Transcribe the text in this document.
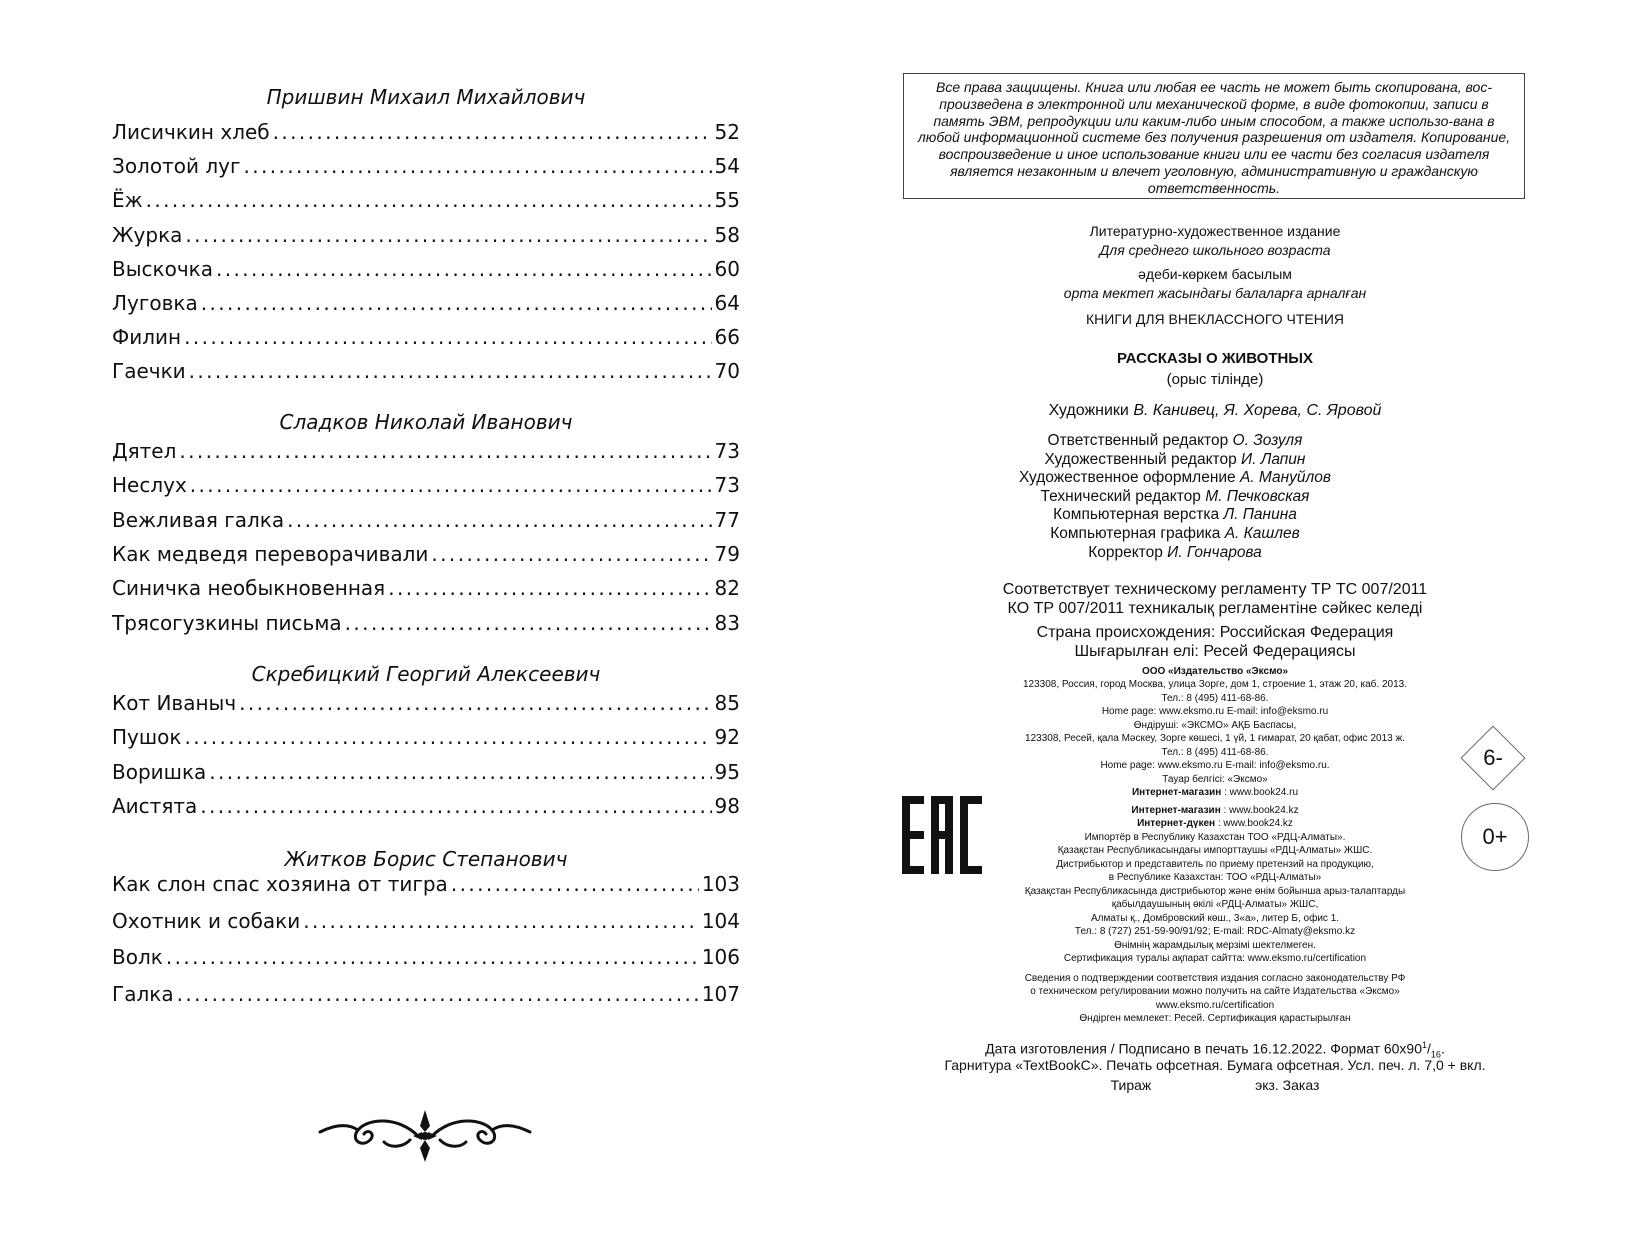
Пришвин Михаил Михайлович
Лисичкин хлеб .....	52
Золотой луг .....	54
Ёж .....	55
Журка .....	58
Выскочка .....	60
Луговка .....	64
Филин .....	66
Гаечки .....	70
Сладков Николай Иванович
Дятел .....	73
Неслух .....	73
Вежливая галка .....	77
Как медведя переворачивали .....	79
Синичка необыкновенная .....	82
Трясогузкины письма .....	83
Скребицкий Георгий Алексеевич
Кот Иваныч .....	85
Пушок .....	92
Воришка .....	95
Аистята .....	98
Житков Борис Степанович
Как слон спас хозяина от тигра .....	103
Охотник и собаки .....	104
Волк .....	106
Галка .....	107
Все права защищены. Книга или любая ее часть не может быть скопирована, вос-произведена в электронной или механической форме, в виде фотокопии, записи в память ЭВМ, репродукции или каким-либо иным способом, а также использо-вана в любой информационной системе без получения разрешения от издателя. Копирование, воспроизведение и иное использование книги или ее части без согласия издателя является незаконным и влечет уголовную, административную и гражданскую ответственность.
Литературно-художественное издание
Для среднего школьного возраста
әдеби-көркем басылым
орта мектеп жасындағы балаларға арналған
КНИГИ ДЛЯ ВНЕКЛАССНОГО ЧТЕНИЯ
РАССКАЗЫ О ЖИВОТНЫХ
(орыс тілінде)
Художники В. Канивец, Я. Хорева, С. Яровой
Ответственный редактор О. Зозуля
Художественный редактор И. Лапин
Художественное оформление А. Мануйлов
Технический редактор М. Печковская
Компьютерная верстка Л. Панина
Компьютерная графика А. Кашлев
Корректор И. Гончарова
Соответствует техническому регламенту ТР ТС 007/2011
КО ТР 007/2011 техникалық регламентіне сәйкес келеді
Страна происхождения: Российская Федерация
Шығарылған елі: Ресей Федерациясы
ООО «Издательство «Эксмо»
123308, Россия, город Москва, улица Зорге, дом 1, строение 1, этаж 20, каб. 2013.
Тел.: 8 (495) 411-68-86.
Home page: www.eksmo.ru E-mail: info@eksmo.ru
Өндіруші: «ЭКСМО» АҚБ Баспасы,
123308, Ресей, қала Мәскеу, Зорге көшесі, 1 үй, 1 ғимарат, 20 қабат, офис 2013 ж.
Тел.: 8 (495) 411-68-86.
Home page: www.eksmo.ru E-mail: info@eksmo.ru.
Тауар белгісі: «Эксмо»
Интернет-магазин : www.book24.ru
Интернет-магазин : www.book24.kz
Интернет-дүкен : www.book24.kz
Импортёр в Республику Казахстан ТОО «РДЦ-Алматы».
Қазақстан Республикасындағы импорттаушы «РДЦ-Алматы» ЖШС.
Дистрибьютор и представитель по приему претензий на продукцию,
в Республике Казахстан: ТОО «РДЦ-Алматы»
Қазақстан Республикасында дистрибьютор және өнім бойынша арыз-талаптарды
қабылдаушының өкілі «РДЦ-Алматы» ЖШС,
Алматы қ., Домбровский көш., 3«а», литер Б, офис 1.
Тел.: 8 (727) 251-59-90/91/92; E-mail: RDC-Almaty@eksmo.kz
Өнімнің жарамдылық мерзімі шектелмеген.
Сертификация туралы ақпарат сайтта: www.eksmo.ru/certification
Сведения о подтверждении соответствия издания согласно законодательству РФ
о техническом регулировании можно получить на сайте Издательства «Эксмо»
www.eksmo.ru/certification
Өндірген мемлекет: Ресей. Сертификация қарастырылған
Дата изготовления / Подписано в печать 16.12.2022. Формат $60x90^1/_{16}$.
Гарнитура «TextBookC». Печать офсетная. Бумага офсетная. Усл. печ. л. 7,0 + вкл.
Тираж	экз. Заказ
6-
0+
